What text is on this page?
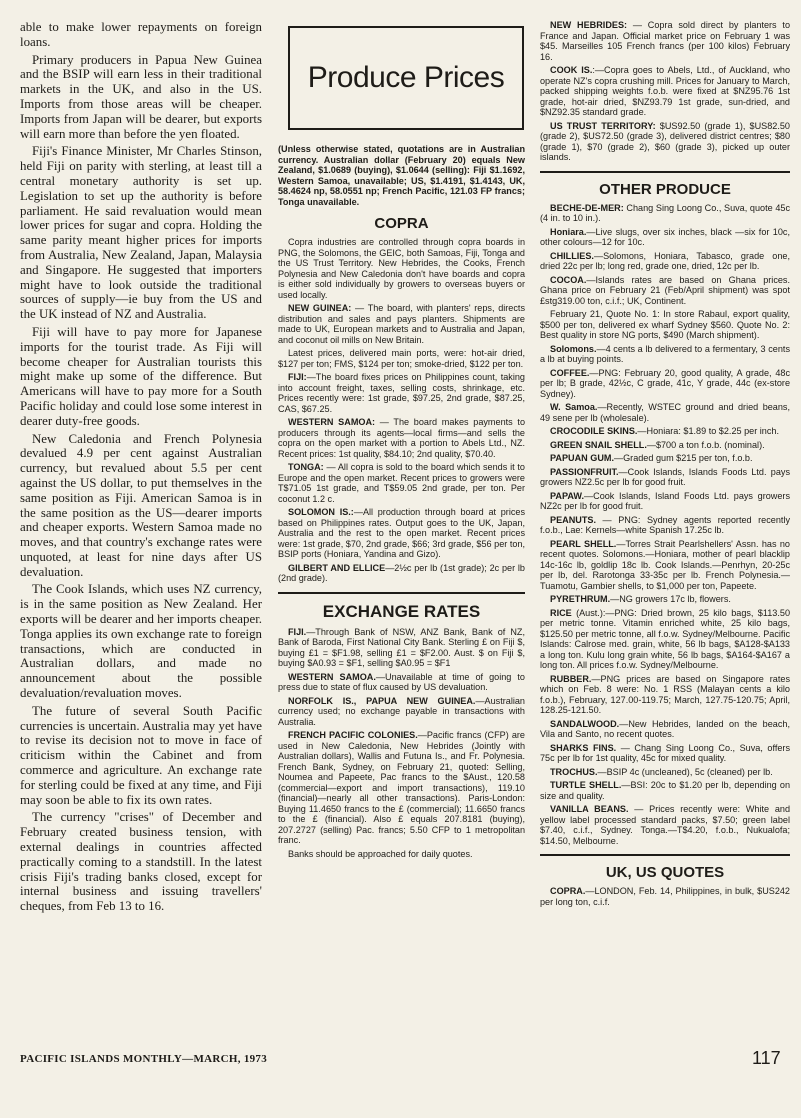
able to make lower repayments on foreign loans.

Primary producers in Papua New Guinea and the BSIP will earn less in their traditional markets in the UK, and also in the US. Imports from those areas will be cheaper. Imports from Japan will be dearer, but exports will earn more than before the yen floated.

Fiji's Finance Minister, Mr Charles Stinson, held Fiji on parity with sterling, at least till a central monetary authority is set up. Legislation to set up the authority is before parliament. He said revaluation would mean lower prices for sugar and copra. Holding the same parity meant higher prices for imports from Australia, New Zealand, Japan, Malaysia and Singapore. He suggested that importers might have to look outside the traditional sources of supply—ie buy from the US and the UK instead of NZ and Australia.

Fiji will have to pay more for Japanese imports for the tourist trade. As Fiji will become cheaper for Australian tourists this might make up some of the difference. But Americans will have to pay more for a South Pacific holiday and could lose some interest in dearer duty-free goods.

New Caledonia and French Polynesia devalued 4.9 per cent against Australian currency, but revalued about 5.5 per cent against the US dollar, to put themselves in the same position as Fiji. American Samoa is in the same position as the US—dearer imports and cheaper exports. Western Samoa made no moves, and that country's exchange rates were unquoted, at least for nine days after US devaluation.

The Cook Islands, which uses NZ currency, is in the same position as New Zealand. Her exports will be dearer and her imports cheaper. Tonga applies its own exchange rate to foreign transactions, which are conducted in Australian dollars, and made no announcement about the possible devaluation/revaluation moves.

The future of several South Pacific currencies is uncertain. Australia may yet have to revise its decision not to move in face of criticism within the Cabinet and from commerce and agriculture. An exchange rate for sterling could be fixed at any time, and Fiji may soon be able to fix its own rates.

The currency "crises" of December and February created business tension, with external dealings in countries affected practically coming to a standstill. In the latest crisis Fiji's trading banks closed, except for internal business and issuing travellers' cheques, from Feb 13 to 16.

Produce Prices

(Unless otherwise stated, quotations are in Australian currency. Australian dollar (February 20) equals New Zealand, $1.0689 (buying), $1.0644 (selling): Fiji $1.1692, Western Samoa, unavailable; US, $1.4191, $1.4143, UK, 58.4624 np, 58.0551 np; French Pacific, 121.03 FP francs; Tonga unavailable.

COPRA

Copra industries are controlled through copra boards in PNG, the Solomons, the GEIC, both Samoas, Fiji, Tonga and the US Trust Territory. New Hebrides, the Cooks, French Polynesia and New Caledonia don't have boards and copra is either sold individually by growers to overseas buyers or used locally.

NEW GUINEA: — The board, with planters' reps, directs distribution and sales and pays planters. Shipments are made to UK, European markets and to Australia and Japan, and coconut oil mills on New Britain.

Latest prices, delivered main ports, were: hot-air dried, $127 per ton; FMS, $124 per ton; smoke-dried, $122 per ton.

FIJI:—The board fixes prices on Philippines count, taking into account freight, taxes, selling costs, shrinkage, etc. Prices recently were: 1st grade, $97.25, 2nd grade, $87.25, CAS, $67.25.

WESTERN SAMOA: — The board makes payments to producers through its agents—local firms—and sells the copra on the open market with a portion to Abels Ltd., NZ. Recent prices: 1st quality, $84.10; 2nd quality, $70.40.

TONGA: — All copra is sold to the board which sends it to Europe and the open market. Recent prices to growers were T$71.05 1st grade, and T$59.05 2nd grade, per ton. Per coconut 1.2 c.

SOLOMON IS.:—All production through board at prices based on Philippines rates. Output goes to the UK, Japan, Australia and the rest to the open market. Recent prices were: 1st grade, $70, 2nd grade, $66; 3rd grade, $56 per ton, BSIP ports (Honiara, Yandina and Gizo).

GILBERT AND ELLICE—2½c per lb (1st grade); 2c per lb (2nd grade).

EXCHANGE RATES

FIJI.—Through Bank of NSW, ANZ Bank, Bank of NZ, Bank of Baroda, First National City Bank. Sterling £ on Fiji $, buying £1 = $F1.98, selling £1 = $F2.00. Aust. $ on Fiji $, buying $A0.93 = $F1, selling $A0.95 = $F1

WESTERN SAMOA.—Unavailable at time of going to press due to state of flux caused by US devaluation.

NORFOLK IS., PAPUA NEW GUINEA.—Australian currency used; no exchange payable in transactions with Australia.

FRENCH PACIFIC COLONIES.—Pacific francs (CFP) are used in New Caledonia, New Hebrides (Jointly with Australian dollars), Wallis and Futuna Is., and Fr. Polynesia. French Bank, Sydney, on February 21, quoted: Selling, Noumea and Papeete, Pac francs to the $Aust., 120.58 (commercial—export and import transactions), 119.10 (financial)—nearly all other transactions). Paris-London: Buying 11.4650 francs to the £ (commercial); 11.6650 francs to the £ (financial). Also £ equals 207.8181 (buying), 207.2727 (selling) Pac. francs; 5.50 CFP to 1 metropolitan franc.

Banks should be approached for daily quotes.

NEW HEBRIDES: — Copra sold direct by planters to France and Japan. Official market price on February 1 was $45. Marseilles 105 French francs (per 100 kilos) February 16.

COOK IS.:—Copra goes to Abels, Ltd., of Auckland, who operate NZ's copra crushing mill. Prices for January to March, packed shipping weights f.o.b. were fixed at $NZ95.76 1st grade, hot-air dried, $NZ93.79 1st grade, sun-dried, and $NZ92.35 standard grade.

US TRUST TERRITORY: $US92.50 (grade 1), $US82.50 (grade 2), $US72.50 (grade 3), delivered district centres; $80 (grade 1), $70 (grade 2), $60 (grade 3), picked up outer islands.

OTHER PRODUCE

BECHE-DE-MER: Chang Sing Loong Co., Suva, quote 45c (4 in. to 10 in.).

Honiara.—Live slugs, over six inches, black —six for 10c, other colours—12 for 10c.

CHILLIES.—Solomons, Honiara, Tabasco, grade one, dried 22c per lb; long red, grade one, dried, 12c per lb.

COCOA.—Islands rates are based on Ghana prices. Ghana price on February 21 (Feb/April shipment) was spot £stg319.00 ton, c.i.f.; UK, Continent.

February 21, Quote No. 1: In store Rabaul, export quality, $500 per ton, delivered ex wharf Sydney $560. Quote No. 2: Best quality in store NG ports, $490 (March shipment).

Solomons.—4 cents a lb delivered to a fermentary, 3 cents a lb at buying points.

COFFEE.—PNG: February 20, good quality, A grade, 48c per lb; B grade, 42½c, C grade, 41c, Y grade, 44c (ex-store Sydney).

W. Samoa.—Recently, WSTEC ground and dried beans, 49 sene per lb (wholesale).

CROCODILE SKINS.—Honiara: $1.89 to $2.25 per inch.

GREEN SNAIL SHELL.—$700 a ton f.o.b. (nominal).

PAPUAN GUM.—Graded gum $215 per ton, f.o.b.

PASSIONFRUIT.—Cook Islands, Islands Foods Ltd. pays growers NZ2.5c per lb for good fruit.

PAPAW.—Cook Islands, Island Foods Ltd. pays growers NZ2c per lb for good fruit.

PEANUTS. — PNG: Sydney agents reported recently f.o.b., Lae: Kernels—white Spanish 17.25c lb.

PEARL SHELL.—Torres Strait Pearlshellers' Assn. has no recent quotes. Solomons.—Honiara, mother of pearl blacklip 14c-16c lb, goldlip 18c lb. Cook Islands.—Penrhyn, 20-25c per lb, del. Rarotonga 33-35c per lb. French Polynesia.—Tuamotu, Gambier shells, to $1,000 per ton, Papeete.

PYRETHRUM.—NG growers 17c lb, flowers.

RICE (Aust.):—PNG: Dried brown, 25 kilo bags, $113.50 per metric tonne. Vitamin enriched white, 25 kilo bags, $125.50 per metric tonne, all f.o.w. Sydney/Melbourne. Pacific Islands: Calrose med. grain, white, 56 lb bags, $A128-$A133 a long ton. Kulu long grain white, 56 lb bags, $A164-$A167 a long ton. All prices f.o.w. Sydney/Melbourne.

RUBBER.—PNG prices are based on Singapore rates which on Feb. 8 were: No. 1 RSS (Malayan cents a kilo f.o.b.), February, 127.00-119.75; March, 127.75-120.75; April, 128.25-121.50.

SANDALWOOD.—New Hebrides, landed on the beach, Vila and Santo, no recent quotes.

SHARKS FINS. — Chang Sing Loong Co., Suva, offers 75c per lb for 1st quality, 45c for mixed quality.

TROCHUS.—BSIP 4c (uncleaned), 5c (cleaned) per lb.

TURTLE SHELL.—BSI: 20c to $1.20 per lb, depending on size and quality.

VANILLA BEANS. — Prices recently were: White and yellow label processed standard packs, $7.50; green label $7.40, c.i.f., Sydney. Tonga.—T$4.20, f.o.b., Nukualofa; $14.50, Melbourne.

UK, US QUOTES

COPRA.—LONDON, Feb. 14, Philippines, in bulk, $US242 per long ton, c.i.f.

PACIFIC ISLANDS MONTHLY—MARCH, 1973	117
